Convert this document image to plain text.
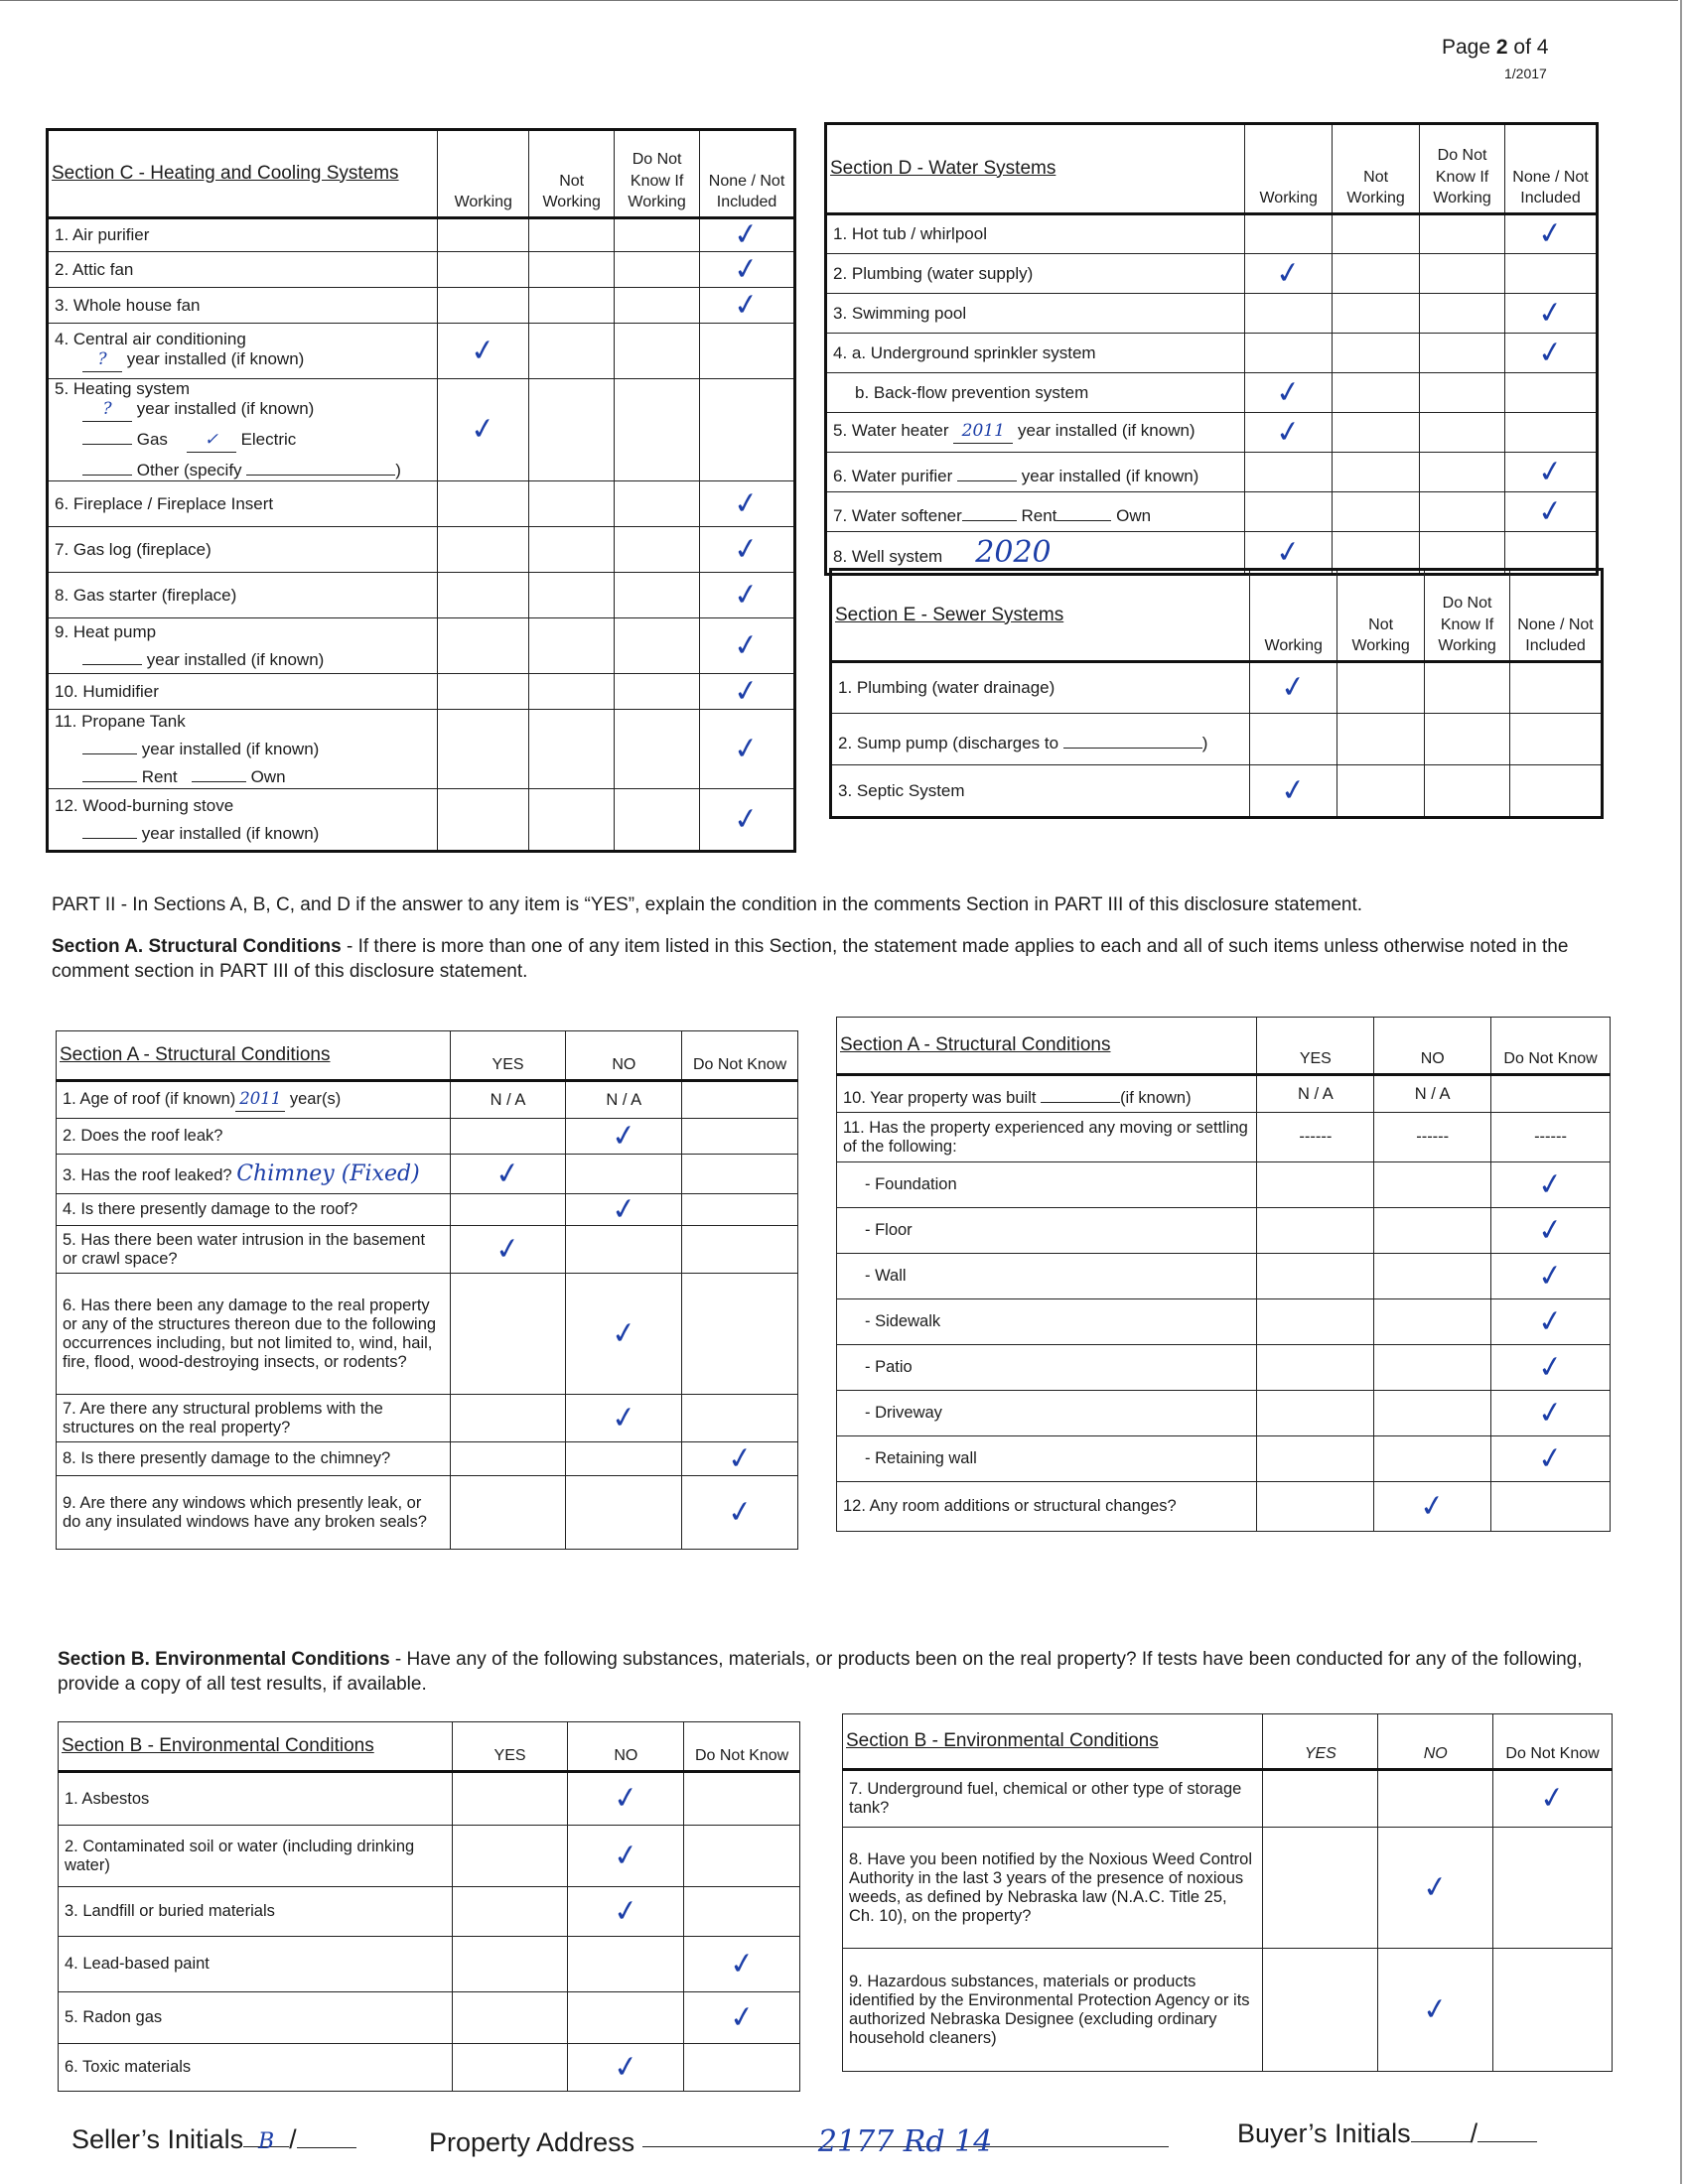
Page 2 of 4
1/2017
Section C - Heating and Cooling Systems	Working	Not Working	Do Not Know If Working	None / Not Included
1. Air purifier				✓
2. Attic fan				✓
3. Whole house fan				✓
4. Central air conditioning
? year installed (if known)	✓			
5. Heating system
? year installed (if known)
Gas ✓ Electric
Other (specify )	✓			
6. Fireplace / Fireplace Insert				✓
7. Gas log (fireplace)				✓
8. Gas starter (fireplace)				✓
9. Heat pump
year installed (if known)				✓
10. Humidifier				✓
11. Propane Tank
year installed (if known)
Rent Own				✓
12. Wood-burning stove
year installed (if known)				✓
Section D - Water Systems	Working	Not Working	Do Not Know If Working	None / Not Included
1. Hot tub / whirlpool				✓
2. Plumbing (water supply)	✓			
3. Swimming pool				✓
4. a. Underground sprinkler system				✓

b. Back-flow prevention system	✓			
5. Water heater 2011 year installed (if known)	✓			
6. Water purifier year installed (if known)				✓
7. Water softener Rent Own				✓
8. Well system 2020	✓			
Section E - Sewer Systems	Working	Not Working	Do Not Know If Working	None / Not Included
1. Plumbing (water drainage)	✓			
2. Sump pump (discharges to )				
3. Septic System	✓			
PART II - In Sections A, B, C, and D if the answer to any item is “YES”, explain the condition in the comments Section in PART III of this disclosure statement.
Section A. Structural Conditions - If there is more than one of any item listed in this Section, the statement made applies to each and all of such items unless otherwise noted in the comment section in PART III of this disclosure statement.
Section A - Structural Conditions	YES	NO	Do Not Know
1. Age of roof (if known) 2011 year(s)	N / A	N / A	
2. Does the roof leak?		✓	
3. Has the roof leaked? Chimney (Fixed)	✓		
4. Is there presently damage to the roof?		✓	
5. Has there been water intrusion in the basement or crawl space?	✓		
6. Has there been any damage to the real property or any of the structures thereon due to the following occurrences including, but not limited to, wind, hail, fire, flood, wood-destroying insects, or rodents?		✓	
7. Are there any structural problems with the structures on the real property?		✓	
8. Is there presently damage to the chimney?			✓
9. Are there any windows which presently leak, or do any insulated windows have any broken seals?			✓
Section A - Structural Conditions	YES	NO	Do Not Know
10. Year property was built (if known)	N / A	N / A	
11. Has the property experienced any moving or settling of the following:	------	------	------

- Foundation			✓

- Floor			✓

- Wall			✓

- Sidewalk			✓

- Patio			✓

- Driveway			✓

- Retaining wall			✓
12. Any room additions or structural changes?		✓	
Section B. Environmental Conditions - Have any of the following substances, materials, or products been on the real property? If tests have been conducted for any of the following, provide a copy of all test results, if available.
Section B - Environmental Conditions	YES	NO	Do Not Know
1. Asbestos		✓	
2. Contaminated soil or water (including drinking water)		✓	
3. Landfill or buried materials		✓	
4. Lead-based paint			✓
5. Radon gas			✓
6. Toxic materials		✓	
Section B - Environmental Conditions	YES	NO	Do Not Know
7. Underground fuel, chemical or other type of storage tank?			✓
8. Have you been notified by the Noxious Weed Control Authority in the last 3 years of the presence of noxious weeds, as defined by Nebraska law (N.A.C. Title 25, Ch. 10), on the property?		✓	
9. Hazardous substances, materials or products identified by the Environmental Protection Agency or its authorized Nebraska Designee (excluding ordinary household cleaners)		✓	
Seller’s Initials B /	Property Address	2177 Rd 14	Buyer’s Initials /
